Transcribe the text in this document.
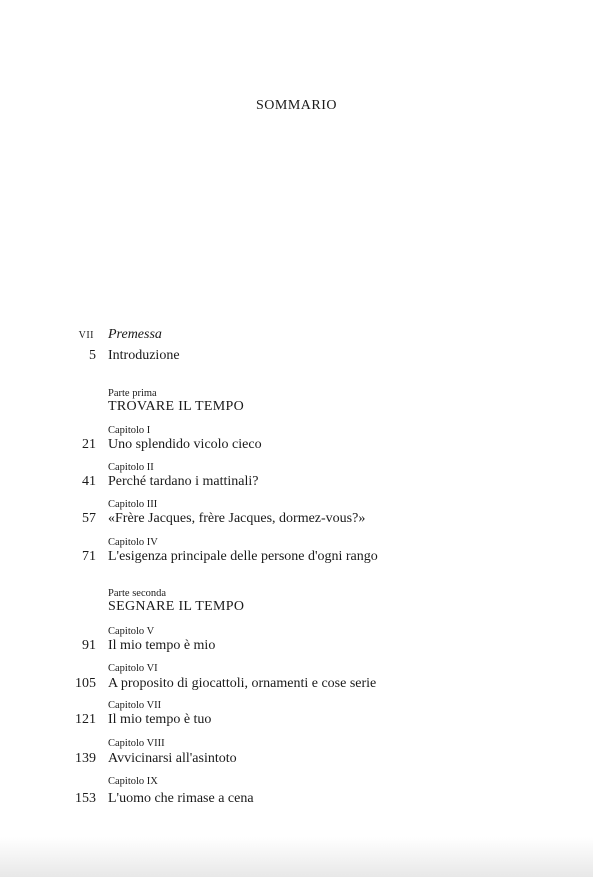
SOMMARIO
VII Premessa
5 Introduzione
Parte prima
TROVARE IL TEMPO
Capitolo I
21 Uno splendido vicolo cieco
Capitolo II
41 Perché tardano i mattinali?
Capitolo III
57 «Frère Jacques, frère Jacques, dormez-vous?»
Capitolo IV
71 L'esigenza principale delle persone d'ogni rango
Parte seconda
SEGNARE IL TEMPO
Capitolo V
91 Il mio tempo è mio
Capitolo VI
105 A proposito di giocattoli, ornamenti e cose serie
Capitolo VII
121 Il mio tempo è tuo
Capitolo VIII
139 Avvicinarsi all'asintoto
Capitolo IX
153 L'uomo che rimase a cena
